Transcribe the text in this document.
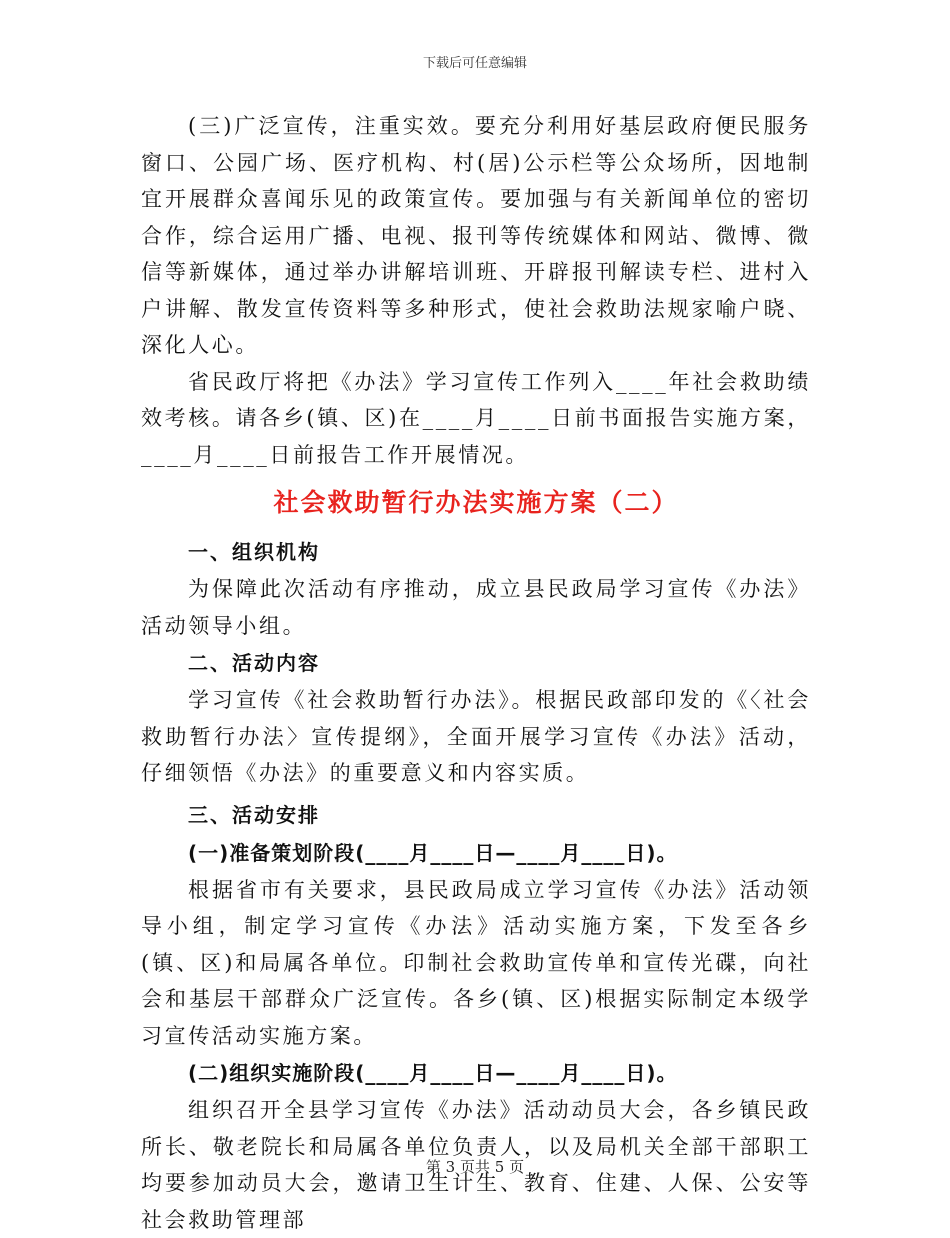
下载后可任意编辑

(三)广泛宣传，注重实效。要充分利用好基层政府便民服务窗口、公园广场、医疗机构、村(居)公示栏等公众场所，因地制宜开展群众喜闻乐见的政策宣传。要加强与有关新闻单位的密切合作，综合运用广播、电视、报刊等传统媒体和网站、微博、微信等新媒体，通过举办讲解培训班、开辟报刊解读专栏、进村入户讲解、散发宣传资料等多种形式，使社会救助法规家喻户晓、深化人心。

省民政厅将把《办法》学习宣传工作列入____年社会救助绩效考核。请各乡(镇、区)在____月____日前书面报告实施方案，____月____日前报告工作开展情况。

社会救助暂行办法实施方案（二）

一、组织机构

为保障此次活动有序推动，成立县民政局学习宣传《办法》活动领导小组。

二、活动内容

学习宣传《社会救助暂行办法》。根据民政部印发的《〈社会救助暂行办法〉宣传提纲》，全面开展学习宣传《办法》活动，仔细领悟《办法》的重要意义和内容实质。

三、活动安排

(一)准备策划阶段(____月____日—____月____日)。

根据省市有关要求，县民政局成立学习宣传《办法》活动领导小组，制定学习宣传《办法》活动实施方案，下发至各乡(镇、区)和局属各单位。印制社会救助宣传单和宣传光碟，向社会和基层干部群众广泛宣传。各乡(镇、区)根据实际制定本级学习宣传活动实施方案。

(二)组织实施阶段(____月____日—____月____日)。

组织召开全县学习宣传《办法》活动动员大会，各乡镇民政所长、敬老院长和局属各单位负责人，以及局机关全部干部职工均要参加动员大会，邀请卫生计生、教育、住建、人保、公安等社会救助管理部

第 3 页共 5 页
